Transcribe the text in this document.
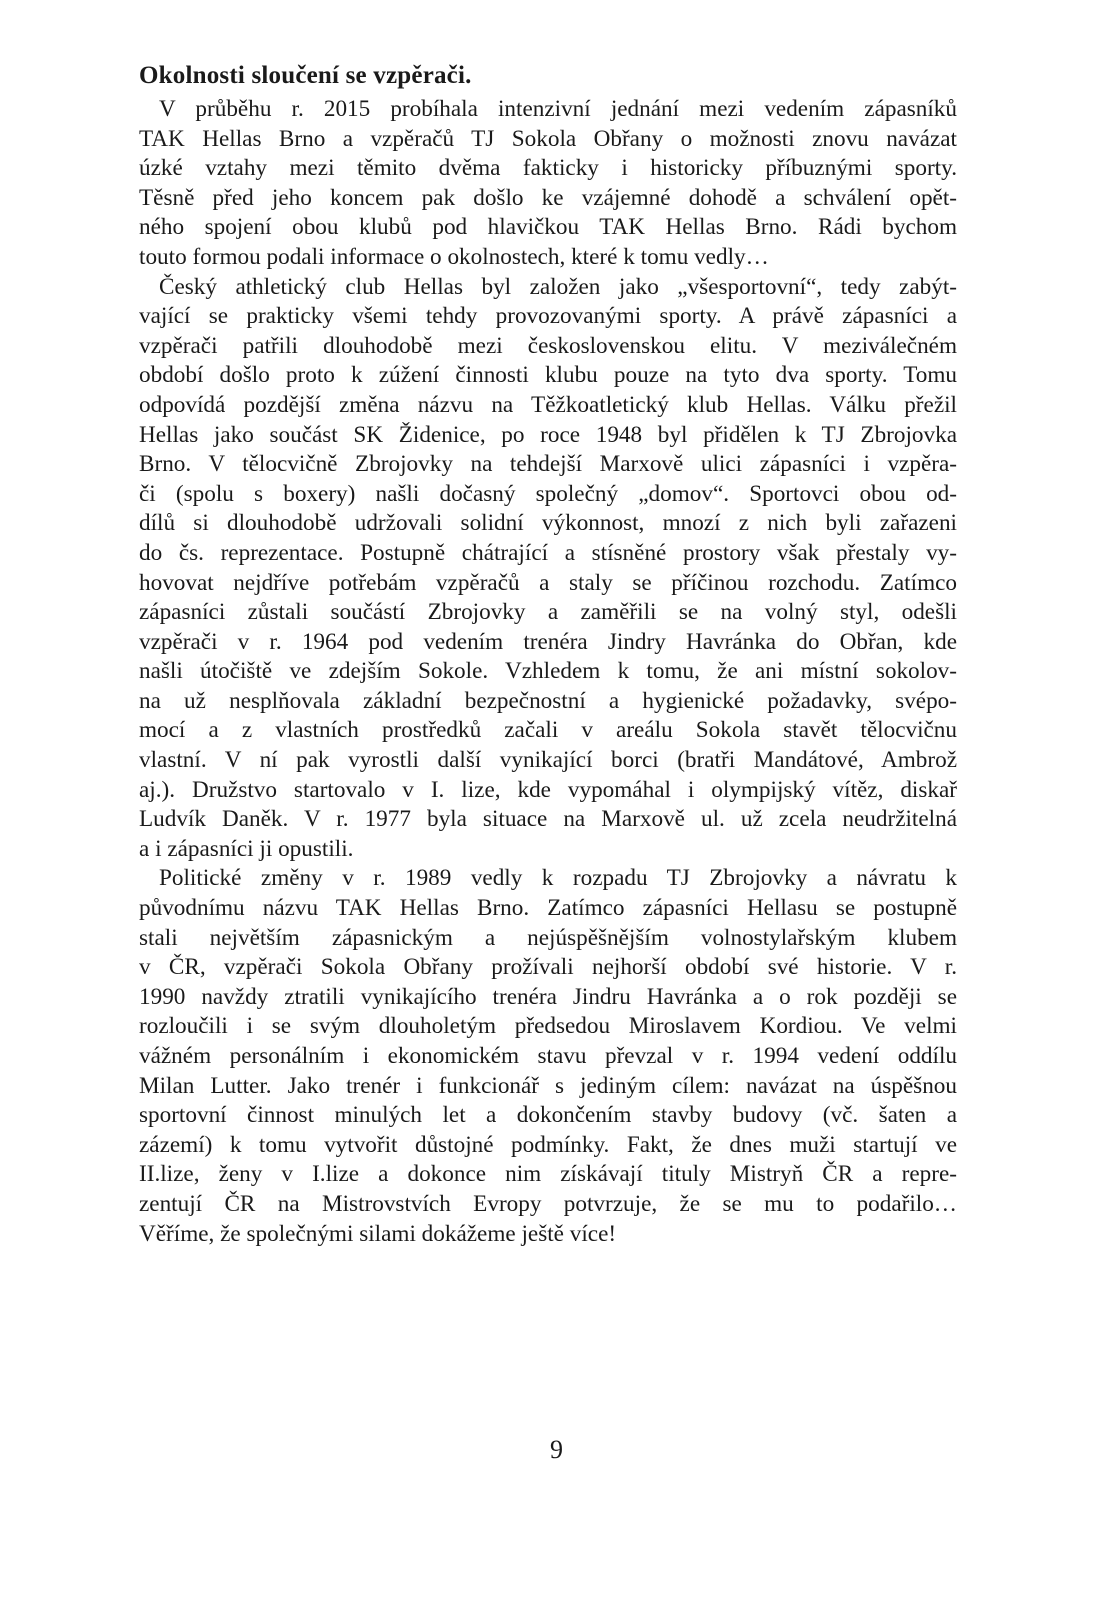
Okolnosti sloučení se vzpěrači.
V průběhu r. 2015 probíhala intenzivní jednání mezi vedením zápasníků
TAK Hellas Brno a vzpěračů TJ Sokola Obřany o možnosti znovu navázat
úzké vztahy mezi těmito dvěma fakticky i historicky příbuznými sporty.
Těsně před jeho koncem pak došlo ke vzájemné dohodě a schválení opět-
ného spojení obou klubů pod hlavičkou TAK Hellas Brno. Rádi bychom
touto formou podali informace o okolnostech, které k tomu vedly…
Český athletický club Hellas byl založen jako „všesportovní“, tedy zabýt-
vající se prakticky všemi tehdy provozovanými sporty. A právě zápasníci a
vzpěrači patřili dlouhodobě mezi československou elitu. V meziválečném
období došlo proto k zúžení činnosti klubu pouze na tyto dva sporty. Tomu
odpovídá pozdější změna názvu na Těžkoatletický klub Hellas. Válku přežil
Hellas jako součást SK Židenice, po roce 1948 byl přidělen k TJ Zbrojovka
Brno. V tělocvičně Zbrojovky na tehdejší Marxově ulici zápasníci i vzpěra-
či (spolu s boxery) našli dočasný společný „domov“. Sportovci obou od-
dílů si dlouhodobě udržovali solidní výkonnost, mnozí z nich byli zařazeni
do čs. reprezentace. Postupně chátrající a stísněné prostory však přestaly vy-
hovovat nejdříve potřebám vzpěračů a staly se příčinou rozchodu. Zatímco
zápasníci zůstali součástí Zbrojovky a zaměřili se na volný styl, odešli
vzpěrači v r. 1964 pod vedením trenéra Jindry Havránka do Obřan, kde
našli útočiště ve zdejším Sokole. Vzhledem k tomu, že ani místní sokolov-
na už nesplňovala základní bezpečnostní a hygienické požadavky, svépo-
mocí a z vlastních prostředků začali v areálu Sokola stavět tělocvičnu
vlastní. V ní pak vyrostli další vynikající borci (bratři Mandátové, Ambrož
aj.). Družstvo startovalo v I. lize, kde vypomáhal i olympijský vítěz, diskař
Ludvík Daněk. V r. 1977 byla situace na Marxově ul. už zcela neudržitelná
a i zápasníci ji opustili.
Politické změny v r. 1989 vedly k rozpadu TJ Zbrojovky a návratu k
původnímu názvu TAK Hellas Brno. Zatímco zápasníci Hellasu se postupně
stali největším zápasnickým a nejúspěšnějším volnostylařským klubem
v ČR, vzpěrači Sokola Obřany prožívali nejhorší období své historie. V r.
1990 navždy ztratili vynikajícího trenéra Jindru Havránka a o rok později se
rozloučili i se svým dlouholetým předsedou Miroslavem Kordiou. Ve velmi
vážném personálním i ekonomickém stavu převzal v r. 1994 vedení oddílu
Milan Lutter. Jako trenér i funkcionář s jediným cílem: navázat na úspěšnou
sportovní činnost minulých let a dokončením stavby budovy (vč. šaten a
zázemí) k tomu vytvořit důstojné podmínky. Fakt, že dnes muži startují ve
II.lize, ženy v I.lize a dokonce nim získávají tituly Mistryň ČR a repre-
zentují ČR na Mistrovstvích Evropy potvrzuje, že se mu to podařilo…
Věříme, že společnými silami dokážeme ještě více!
9
